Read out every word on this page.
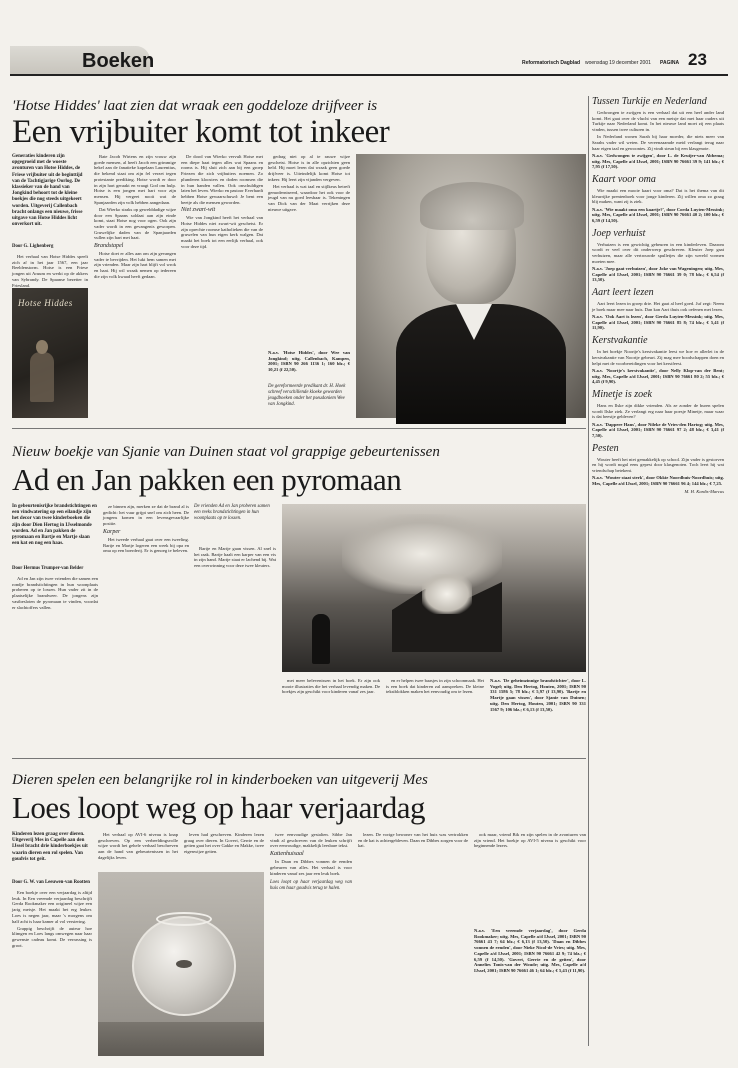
Boeken	Reformatorisch Dagblad woensdag 19 december 2001 PAGINA 23
'Hotse Hiddes' laat zien dat wraak een goddeloze drijfveer is
Een vrijbuiter komt tot inkeer
Generaties kinderen zijn opgegroeid met de woeste avonturen van Hotse Hiddes, de Friese vrijbuiter uit de beginttijd van de Tachtigjarige Oorlog. De klassieker van de hand van Jongkind behoort tot de kleine boekjes die nog steeds uitgekeert worden. Uitgeverij Callenbach bracht onlangs een nieuwe, frisse uitgave van Hotse Hiddes licht onverkort uit.
Door G. Lighenberg

Het verhaal van Hotse Hiddes speelt zich af in het jaar 1567, een jaar Beeldenstorm. Hotse is een Friese jongen uit Aruum en werkt op de akkers van Sybrandy. De Spaanse bezetter in Friesland.

Hotse Hiddes

Bate Jacob Wirtens en zijn vrouw zijn goede mensen, al heeft Jacob een grimmige hekel aan de fanatieke kapelaan Laurentius, die bekend staat om zijn fel verzet tegen protestante prediking. Hotse wordt er door in zijn hart geraakt en vraagt God om hulp. Hotse is een jongen met hart voor zijn mensen. Hij vergeet nooit wat de Spanjaarden zijn volk hebben aangedaan.

Dat Wierko straks op gewelddadige wijze door een Spaans soldaat aan zijn einde komt, staat Hotse nog voor ogen. Ook zijn vader wordt in een gevangenis geworpen. Gruwelijke daden van de Spanjaarden vullen zijn hart met haat.

Brandstapel

Hotse doet er alles aan om zijn gevangen vader te bevrijden. Het lukt hem samen met zijn vrienden. Maar zijn hart blijft vol wrok en haat. Hij wil wraak nemen op iedereen die zijn volk kwaad heeft gedaan.

De dood van Wierko vervult Hotse met een diepe haat tegen alles wat Spaans en rooms is. Hij sluit zich aan bij een groep Friezen die zich vrijbuiters noemen. Zo plunderen kloosters en doden roomsen die in hun handen vallen. Ook onschuldigen laten het leven. Wierko en pastoor Everhardt hebben Hotse gewaarschuwd: Je bent een beetje als die mensen geworden.

Niet zwart-wit

Wie van Jongkind heeft het verhaal van Hotse Hiddes niet zwart-wit geschetst. Er zijn oprechte roomse katholieken die van de gruwelen van hun eigen kerk walgen. Dat maakt het boek tot een eerlijk verhaal, ook voor deze tijd.

gedrag niet op al te rauwe wijze geschetst. Hotse is in alle opzichten geen held. Hij moet leren dat wraak geen goede drijfveer is. Uiteindelijk komt Hotse tot inkeer. Hij leert zijn vijanden vergeven.

Het verhaal is wat taal en stijlkeus betreft gemoderniseerd, waardoor het ook voor de jeugd van nu goed leesbaar is. Tekeningen van Dick van der Maat verrijken deze nieuwe uitgave.

N.a.v. 'Hotse Hiddes', door Wee van Jongkind; uitg. Callenbach, Kampen, 2001; ISBN 90 266 1136 1; 160 blz.; € 10,21 (f 22,50).

De gereformeerde predikant dr. H. Hoek schreef verschillende kloeke geworden jeugdboeken onder het pseudoniem Wee van Jongkind.
Tussen Turkije en Nederland

Gedwongen te zwijgen is een verhaal dat uit een heel ander land komt. Het gaat over de vlucht van een meisje dat met haar ouders uit Turkije naar Nederland komt. In het nieuwe land moet zij een plaats vinden, tussen twee culturen in.

In Nederland wonen Sarah bij haar moeder, die niets meer van Sarahs vader wil weten. De vereenzaamde meid verlangt terug naar haar eigen taal en gewoontes. Zij vindt steun bij een klasgenote.

N.a.v. 'Gedwongen te zwijgen', door L. de Kruijer-van Abbema; uitg. Mes, Capelle a/d IJssel, 2001; ISBN 90 76661 39 9; 141 blz.; € 7,95 (f 17,50).

Kaart voor oma

Wie maakt een mooie kaart voor oma? Dat is het thema van dit kleurrijke prentenboek voor jonge kinderen. Zij willen oma zo graag blij maken, want zij is ziek.

N.a.v. 'Wie maakt oma een kaartje?', door Corda Luyten-Messink; uitg. Mes, Capelle a/d IJssel, 2001; ISBN 90 76661 40 2; 100 blz.; € 6,59 (f 14,50).

Joep verhuist

Verhuizen is een gewichtig gebeuren in een kinderleven. Daarom wordt er veel over dit onderwerp geschreven. Kleuter Joep gaat verhuizen, maar alle vertrouwde spulletjes die zijn wereld vormen moeten mee.

N.a.v. 'Joep gaat verhuizen', door Joke van Wageningen; uitg. Mes, Capelle a/d IJssel, 2001; ISBN 90 76661 39 0; 78 blz.; € 6,54 (f 13,50).

Aart leert lezen

Aart leert lezen in groep drie. Het gaat al heel goed. Juf zegt: Neem je boek maar mee naar huis. Dan kan Aart thuis ook oefenen met lezen.

N.a.v. 'Ook Aart is lezen', door Gerda Luyten-Messink; uitg. Mes, Capelle a/d IJssel, 2001; ISBN 90 76661 85 8; 74 blz.; € 5,41 (f 11,90).

Kerstvakantie

In het boekje Noortje's kerstvakantie leest we hoe er allerlei in de kerstvakantie van Noortje gebeurt. Zij mag mee boodschappen doen en helpt met de voorbereidingen voor het kerstfeest.

N.a.v. 'Noortje's kerstvakantie', door Nelly Klop-van der Bent; uitg. Mes, Capelle a/d IJssel, 2001; ISBN 90 76661 80 2; 55 blz.; € 4,45 (f 9,90).

Minetje is zoek

Hans en Ilske zijn dikke vrienden. Als ze zonder de buren spelen wordt Ilske ziek. Ze verlangt erg naar haar poesje Minetje, maar waar is dat beestje gebleven?

N.a.v. 'Dappere Hans', door Nileke de Vries-den Hartog; uitg. Mes, Capelle a/d IJssel, 2001; ISBN 90 76661 97 2; 48 blz.; € 3,41 (f 7,50).

Pesten

Wouter heeft het niet gemakkelijk op school. Zijn vader is gestorven en hij wordt nogal eens gepest door klasgenoten. Toch leert hij wat vriendschap betekent.

N.a.v. 'Wouter staat sterk', door Okkie Noordhuis-Noordhuis; uitg. Mes, Capelle a/d IJssel, 2001; ISBN 90 76661 96 4; 144 blz.; € 7,25.

M. H. Kardis-Marcus
Nieuw boekje van Sjanie van Duinen staat vol grappige gebeurtenissen
Ad en Jan pakken een pyromaan
In gebeurtenisrijke brandstichtingen en een vindwatering op een eilandje zijn het decor van twee kinderboeken die zijn door Dien Hertog in IJsselmonde worden. Ad en Jan pakken de pyromaan en Bartje en Martje slaan een kat en nog een haas.
Door Hermus Trumper-van Belder

Ad en Jan zijn twee vrienden die samen een rondje brandstichtingen in hun woonplaats proberen op te lossen. Hun vader zit in de plaatselijke brandweer. De jongens zijn vastbesloten de pyromaan te vinden, voordat er slachtoffers vallen.

ze binnen zijn, merken ze dat de brand al is gedicht: het vuur grijpt snel om zich heen. De jongens komen in een levensgevaarlijke positie.

Karper

Het tweede verhaal gaat over een tweeling. Bartje en Martje logeren een week bij opa en oma op een boerderij. Er is genoeg te beleven.

De vrienden Ad en Jan proberen samen een reeks brandstichtingen in hun woonplaats op te lossen.

Bartje en Martje gaan vissen. Al snel is het raak. Bartje haalt een karper van een vis in zijn hand. Martje staat er lachend bij. Wat een overwinning voor deze twee kleuters.

met meer belevenissen in het boek. Er zijn ook mooie illustraties die het verhaal levendig maken. De boekjes zijn geschikt voor kinderen vanaf zes jaar.

en er helpen twee baasjes in zijn schoonmaak. Het is een boek dat kinderen zal aanspreken. De kleine tekstblokken maken het eenvoudig om te lezen.

N.a.v. 'De geheimzinnige brandstichter', door L. Vogel; uitg. Den Hertog, Houten, 2001; ISBN 90 331 1586 5; 78 blz.; € 5,97 (f 13,90). 'Bartje en Martje gaan vissen', door Sjanie van Duinen; uitg. Den Hertog, Houten, 2001; ISBN 90 331 1567 9; 106 blz.; € 6,13 (f 13,50).

Dieren spelen een belangrijke rol in kinderboeken van uitgeverij Mes
Loes loopt weg op haar verjaardag
Kinderen lezen graag over dieren. Uitgeverij Mes in Capelle aan den IJssel bracht drie kinderboekjes uit waarin dieren een rol spelen. Van goudvis tot geit.
Door G. W. van Leeuwen-van Rootten

Een boekje over een verjaardag is altijd leuk. In Een vreemde verjaardag beschrijft Gerda Rookmaker een origineel wijze een jarig meisje. Het maakt het erg leuker. Loes is negen jaar, maar 's morgens om half acht is haar kamer al vol versiering.

Grappig beschrijft de auteur hoe klimgen en Loes langs omwegen naar haar gewenste cadeau komt. De verrassing is groot.

Het verhaal op AVI-6 niveau is knap geschreven. Op een verbeeldingsvolle wijze wordt het gehele verhaal beschreven aan de hand van gebeurtenissen in het dagelijks leven.

leven had geschreven. Kinderen lezen graag over dieren. In Govert, Gerrie en de geiten gaat het over Gakke en Makke, twee eigenwijze geiten.

twee eenvoudige gestalten. Sibbe Jan vindt al geschreven van de leuken schrijft over eenvoudige, makkelijk leesbare tekst.

Kattenhuisaal

In Daan en Dibbes vonnen de eenden gebeuren van alles. Het verhaal is voor kinderen vanaf zes jaar een leuk boek.

Loes loopt op haar verjaardag weg van huis om haar goudvis terug te halen.

lezen. De vorige bewoner van het huis was vertrokken en de kat is achtergebleven. Daan en Dibbes zorgen voor de kat.

ook maar, vriend Bik en zijn spelen in de avonturen van zijn vriend. Het boekje op AVI-5 niveau is geschikt voor beginnende lezers.

N.a.v. 'Een vreemde verjaardag', door Gerda Rookmaker; uitg. Mes, Capelle a/d IJssel, 2001; ISBN 90 76661 43 7; 64 blz.; € 6,13 (f 13,50). 'Daan en Dibbes vonnen de eenden', door Nieke Nicol-de Vries; uitg. Mes, Capelle a/d IJssel, 2001; ISBN 90 76661 42 9; 74 blz.; € 6,59 (f 14,50). 'Govert, Gerrie en de geiten', door Annelies Tonis-van der Woude; uitg. Mes, Capelle a/d IJssel, 2001; ISBN 90 76661 46 1; 64 blz.; € 5,43 (f 11,90).
